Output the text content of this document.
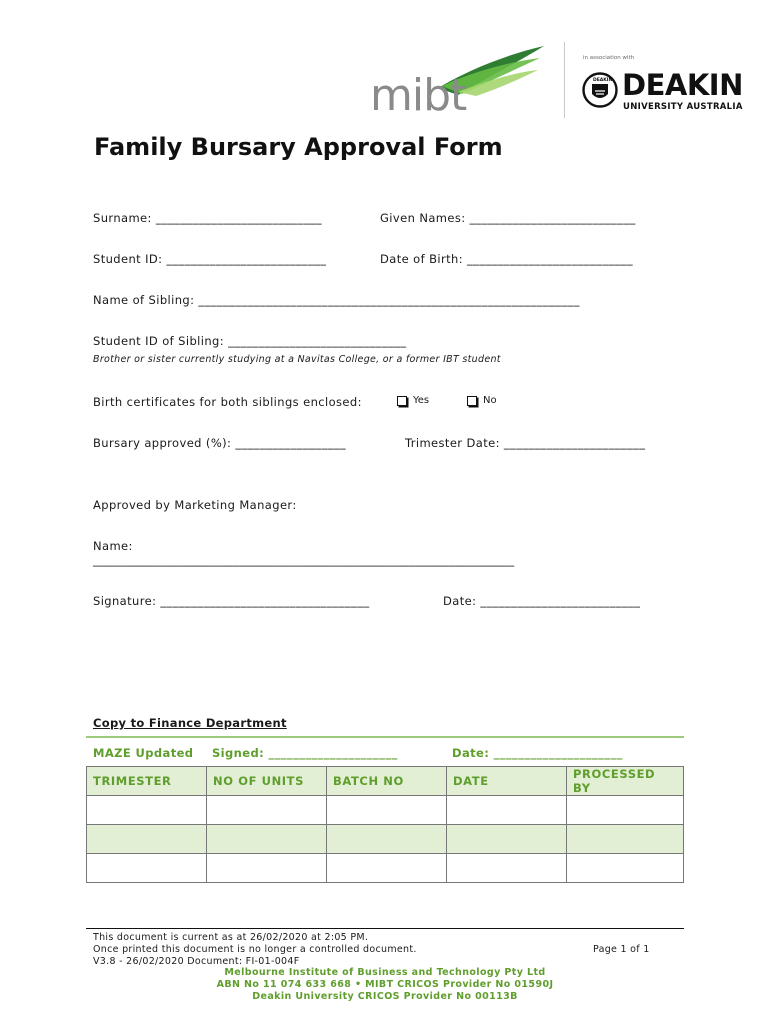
mibt
in association with
DEAKIN DEAKIN
UNIVERSITY AUSTRALIA
Family Bursary Approval Form
Surname: ___________________________	Given Names: ___________________________
Student ID: __________________________	Date of Birth: ___________________________
Name of Sibling: ______________________________________________________________
Student ID of Sibling: _____________________________
Brother or sister currently studying at a Navitas College, or a former IBT student
Birth certificates for both siblings enclosed:	Yes	No
Bursary approved (%): __________________	Trimester Date: _______________________
Approved by Marketing Manager:
Name:
________________________________________________________________________
Signature: __________________________________	Date: __________________________
Copy to Finance Department
MAZE Updated Signed: _____________________	Date: _____________________
TRIMESTER	NO OF UNITS	BATCH NO	DATE	PROCESSED BY

This document is current as at 26/02/2020 at 2:05 PM.
Once printed this document is no longer a controlled document.
V3.8 - 26/02/2020 Document: FI-01-004F
Page 1 of 1
Melbourne Institute of Business and Technology Pty Ltd
ABN No 11 074 633 668 • MIBT CRICOS Provider No 01590J
Deakin University CRICOS Provider No 00113B
